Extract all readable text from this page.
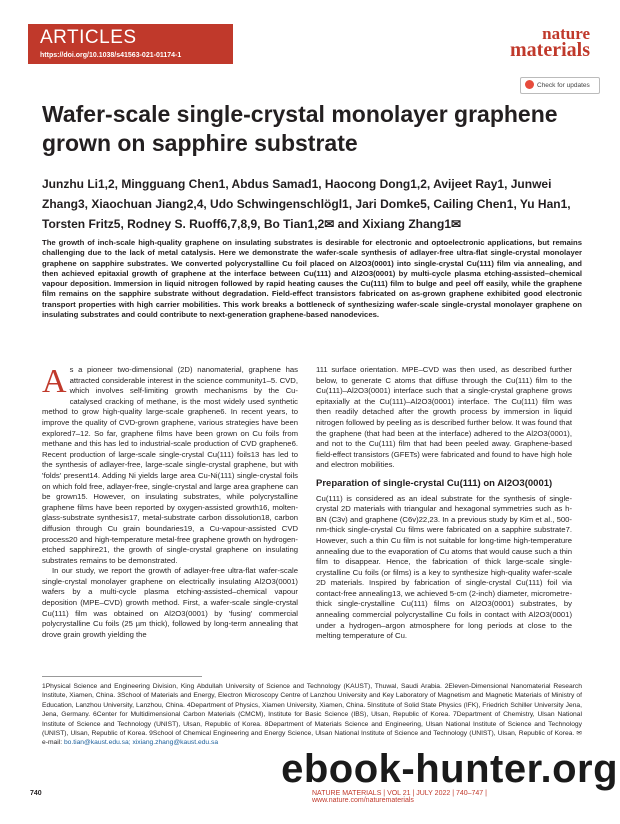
ARTICLES
https://doi.org/10.1038/s41563-021-01174-1
nature
materials
Check for updates
Wafer-scale single-crystal monolayer graphene grown on sapphire substrate

Junzhu Li1,2, Mingguang Chen1, Abdus Samad1, Haocong Dong1,2, Avijeet Ray1, Junwei Zhang3, Xiaochuan Jiang2,4, Udo Schwingenschlögl1, Jari Domke5, Cailing Chen1, Yu Han1, Torsten Fritz5, Rodney S. Ruoff6,7,8,9, Bo Tian1,2✉ and Xixiang Zhang1✉

The growth of inch-scale high-quality graphene on insulating substrates is desirable for electronic and optoelectronic applications, but remains challenging due to the lack of metal catalysis. Here we demonstrate the wafer-scale synthesis of adlayer-free ultra-flat single-crystal monolayer graphene on sapphire substrates. We converted polycrystalline Cu foil placed on Al2O3(0001) into single-crystal Cu(111) film via annealing, and then achieved epitaxial growth of graphene at the interface between Cu(111) and Al2O3(0001) by multi-cycle plasma etching-assisted–chemical vapour deposition. Immersion in liquid nitrogen followed by rapid heating causes the Cu(111) film to bulge and peel off easily, while the graphene film remains on the sapphire substrate without degradation. Field-effect transistors fabricated on as-grown graphene exhibited good electronic transport properties with high carrier mobilities. This work breaks a bottleneck of synthesizing wafer-scale single-crystal monolayer graphene on insulating substrates and could contribute to next-generation graphene-based nanodevices.

As a pioneer two-dimensional (2D) nanomaterial, graphene has attracted considerable interest in the science community1–5. CVD, which involves self-limiting growth mechanisms by the Cu-catalysed cracking of methane, is the most widely used synthetic method to grow high-quality large-scale graphene6. In recent years, to improve the quality of CVD-grown graphene, various strategies have been explored7–12. So far, graphene films have been grown on Cu foils from methane and this has led to industrial-scale production of CVD graphene6. Recent production of large-scale single-crystal Cu(111) foils13 has led to the synthesis of adlayer-free, large-scale single-crystal graphene, but with 'folds' present14. Adding Ni yields large area Cu-Ni(111) single-crystal foils on which fold free, adlayer-free, single-crystal and large area graphene can be grown15. However, on insulating substrates, while polycrystalline graphene films have been reported by oxygen-assisted growth16, molten-glass-substrate synthesis17, metal-substrate carbon dissolution18, carbon diffusion through Cu grain boundaries19, a Cu-vapour-assisted CVD process20 and high-temperature metal-free graphene growth on hydrogen-etched sapphire21, the growth of single-crystal graphene on insulating substrates remains to be demonstrated.

In our study, we report the growth of adlayer-free ultra-flat wafer-scale single-crystal monolayer graphene on electrically insulating Al2O3(0001) wafers by a multi-cycle plasma etching-assisted–chemical vapour deposition (MPE–CVD) growth method. First, a wafer-scale single-crystal Cu(111) film was obtained on Al2O3(0001) by 'fusing' commercial polycrystalline Cu foils (25 µm thick), followed by long-term annealing that drove grain growth yielding the

111 surface orientation. MPE–CVD was then used, as described further below, to generate C atoms that diffuse through the Cu(111) film to the Cu(111)–Al2O3(0001) interface such that a single-crystal graphene grows epitaxially at the Cu(111)–Al2O3(0001) interface. The Cu(111) film was then readily detached after the growth process by immersion in liquid nitrogen followed by peeling as is described further below. It was found that the graphene (that had been at the interface) adhered to the Al2O3(0001), and not to the Cu(111) film that had been peeled away. Graphene-based field-effect transistors (GFETs) were fabricated and found to have high hole and electron mobilities.

Preparation of single-crystal Cu(111) on Al2O3(0001)

Cu(111) is considered as an ideal substrate for the synthesis of single-crystal 2D materials with triangular and hexagonal symmetries such as h-BN (C3v) and graphene (C6v)22,23. In a previous study by Kim et al., 500-nm-thick single-crystal Cu films were fabricated on a sapphire substrate7. However, such a thin Cu film is not suitable for long-time high-temperature annealing due to the evaporation of Cu atoms that would cause such a thin film to disappear. Hence, the fabrication of thick large-scale single-crystalline Cu foils (or films) is a key to synthesize high-quality wafer-scale 2D materials. Inspired by fabrication of single-crystal Cu(111) foil via contact-free annealing13, we achieved 5-cm (2-inch) diameter, micrometre-thick single-crystalline Cu(111) films on Al2O3(0001) substrates, by annealing commercial polycrystalline Cu foils in contact with Al2O3(0001) under a hydrogen–argon atmosphere for long periods at close to the melting temperature of Cu.

1Physical Science and Engineering Division, King Abdullah University of Science and Technology (KAUST), Thuwal, Saudi Arabia. 2Eleven-Dimensional Nanomaterial Research Institute, Xiamen, China. 3School of Materials and Energy, Electron Microscopy Centre of Lanzhou University and Key Laboratory of Magnetism and Magnetic Materials of Ministry of Education, Lanzhou University, Lanzhou, China. 4Department of Physics, Xiamen University, Xiamen, China. 5Institute of Solid State Physics (IFK), Friedrich Schiller University Jena, Jena, Germany. 6Center for Multidimensional Carbon Materials (CMCM), Institute for Basic Science (IBS), Ulsan, Republic of Korea. 7Department of Chemistry, Ulsan National Institute of Science and Technology (UNIST), Ulsan, Republic of Korea. 8Department of Materials Science and Engineering, Ulsan National Institute of Science and Technology (UNIST), Ulsan, Republic of Korea. 9School of Chemical Engineering and Energy Science, Ulsan National Institute of Science and Technology (UNIST), Ulsan, Republic of Korea. ✉e-mail: bo.tian@kaust.edu.sa; xixiang.zhang@kaust.edu.sa

740	NATURE MATERIALS | VOL 21 | JULY 2022 | 740–747 | www.nature.com/naturematerials
ebook-hunter.org
